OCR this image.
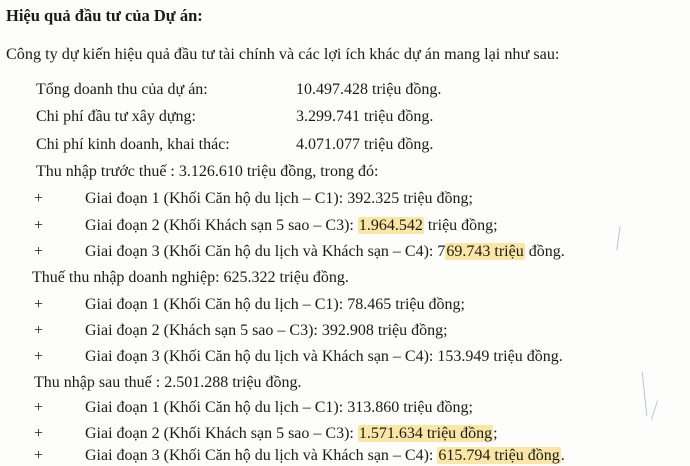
Hiệu quả đầu tư của Dự án:
Công ty dự kiến hiệu quả đầu tư tài chính và các lợi ích khác dự án mang lại như sau:
Tổng doanh thu của dự án:	10.497.428 triệu đồng.
Chi phí đầu tư xây dựng:	3.299.741 triệu đồng.
Chi phí kinh doanh, khai thác:	4.071.077 triệu đồng.
Thu nhập trước thuế : 3.126.610 triệu đồng, trong đó:
+	Giai đoạn 1 (Khối Căn hộ du lịch – C1): 392.325 triệu đồng;
+	Giai đoạn 2 (Khối Khách sạn 5 sao – C3): 1.964.542 triệu đồng;
+	Giai đoạn 3 (Khối Căn hộ du lịch và Khách sạn – C4): 769.743 triệu đồng.
Thuế thu nhập doanh nghiệp: 625.322 triệu đồng.
+	Giai đoạn 1 (Khối Căn hộ du lịch – C1): 78.465 triệu đồng;
+	Giai đoạn 2 (Khách sạn 5 sao – C3): 392.908 triệu đồng;
+	Giai đoạn 3 (Khối Căn hộ du lịch và Khách sạn – C4): 153.949 triệu đồng.
Thu nhập sau thuế : 2.501.288 triệu đồng.
+	Giai đoạn 1 (Khối Căn hộ du lịch – C1): 313.860 triệu đồng;
+	Giai đoạn 2 (Khối Khách sạn 5 sao – C3): 1.571.634 triệu đồng;
+	Giai đoạn 3 (Khối Căn hộ du lịch và Khách sạn – C4): 615.794 triệu đồng.
